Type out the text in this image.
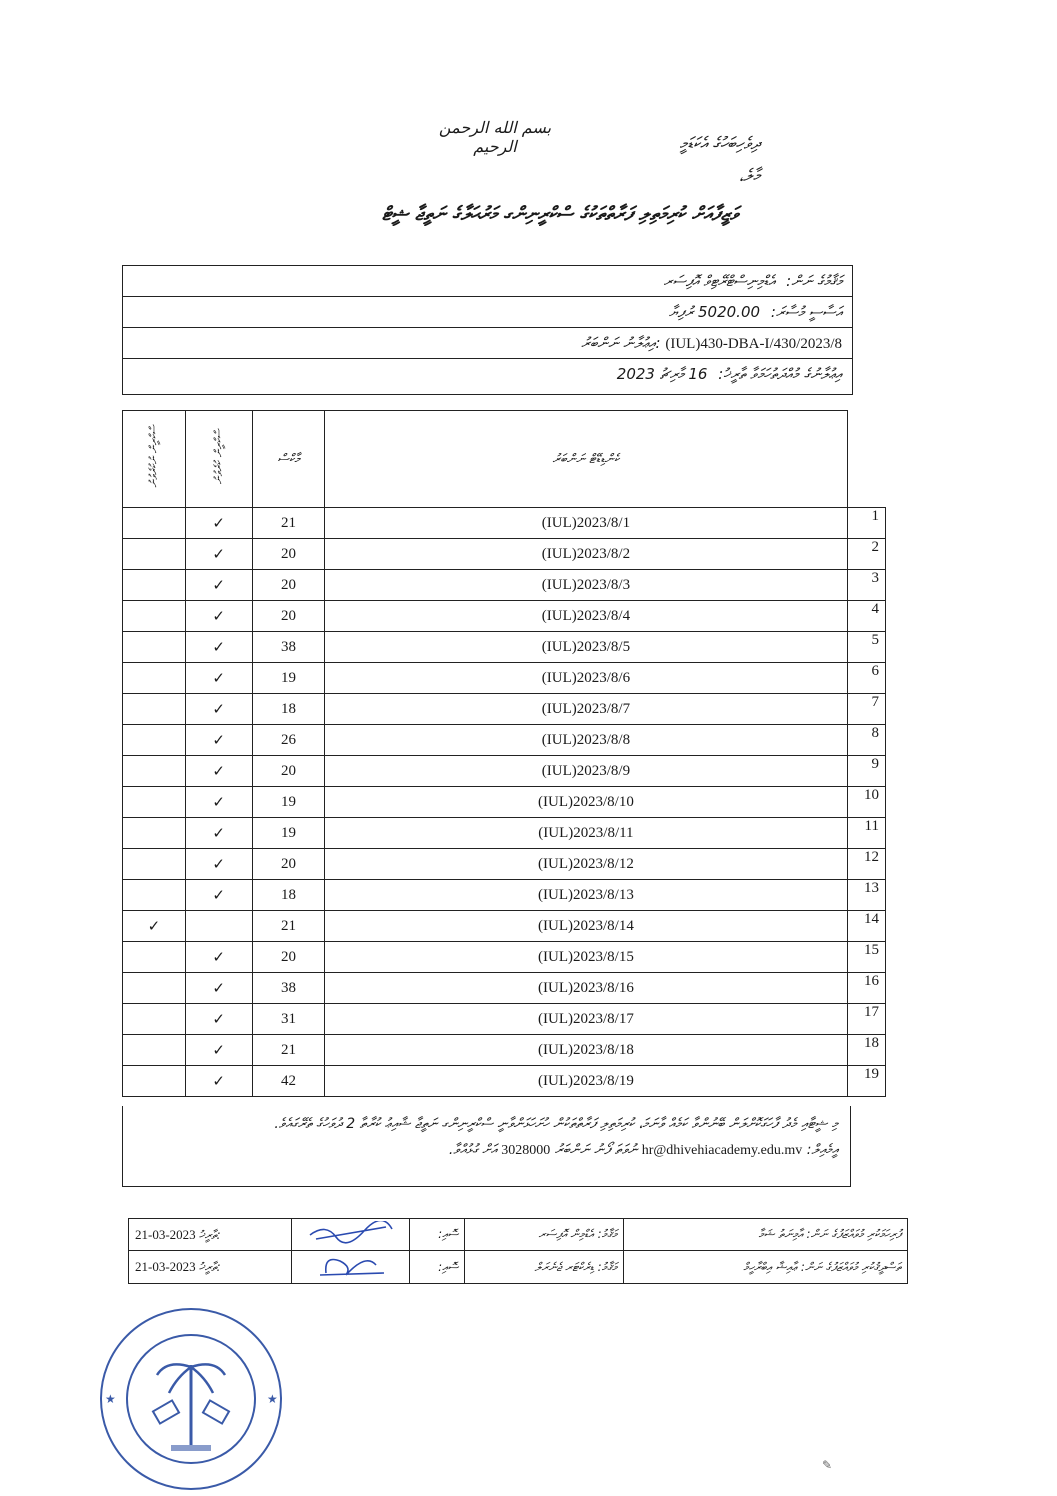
بسم الله الرحمن الرحيم	ދިވެހިބަހުގެ އެކަޑަމީ
މާލެ،
ވަޒީފާއަށް ކުރިމަތިލި ފަރާތްތަކުގެ ސްކްރީނިންގ މަރުޙަލާގެ ނަތީޖާ ޝީޓް
މަޤާމުގެ ނަން: އެޑްމިނިސްޓްރޭޓިވް އޮފިސަރ
އަސާސީ މުސާރަ: 5020.00 ރުފިޔާ
އިޢުލާނު ނަންބަރު: (IUL)430-DBA-I/430/2023/8
އިޢުލާނުގެ މުއްދަތުހަމަވާ ތާރީޚު: 16 މާރިޗު 2023
ސްކްރީން ނުކުރެވުނު	ސްކްރީން ކުރެވުނު	މާކްސް	ކެންޑިޑޭޓް ނަންބަރު	
	✓	21	(IUL)2023/8/1	1
	✓	20	(IUL)2023/8/2	2
	✓	20	(IUL)2023/8/3	3
	✓	20	(IUL)2023/8/4	4
	✓	38	(IUL)2023/8/5	5
	✓	19	(IUL)2023/8/6	6
	✓	18	(IUL)2023/8/7	7
	✓	26	(IUL)2023/8/8	8
	✓	20	(IUL)2023/8/9	9
	✓	19	(IUL)2023/8/10	10
	✓	19	(IUL)2023/8/11	11
	✓	20	(IUL)2023/8/12	12
	✓	18	(IUL)2023/8/13	13
✓		21	(IUL)2023/8/14	14
	✓	20	(IUL)2023/8/15	15
	✓	38	(IUL)2023/8/16	16
	✓	31	(IUL)2023/8/17	17
	✓	21	(IUL)2023/8/18	18
	✓	42	(IUL)2023/8/19	19
މި ޝީޓާއި މެދު ފާހަގަކޮށްލަން ބޭނުންވާ ކަމެއް ވާނަމަ، ކުރިމަތިލި ފަރާތްތަކުން ހުށަހަޅަންވާނީ ސްކްރީނިންގ ނަތީޖާ ޝާއިޢު ކުރާތާ 2 ދުވަހުގެ ތެރޭގައެވެ.
އީމެއިލް: hr@dhivehiacademy.edu.mv ނުވަތަ ފޯނު ނަންބަރު 3028000 އަށް ގުޅުއްވާ.
21-03-2023 ތާރީޚު:		ސޮއި:	މަޤާމު: އެޑްމިން އޮފިސަރ	ފުރިހަމަކުރި މުވައްޒަފުގެ ނަން: އާމިނަތު ޝަމާ
21-03-2023 ތާރީޚު:		ސޮއި:	މަޤާމު: ޑިރެކްޓަރ ޖެނެރަލް	ތަސްދީޤުކުރި މުވައްޒަފުގެ ނަން: ޢާއިޝާ އިބްރާހީމް
★	★
✎
